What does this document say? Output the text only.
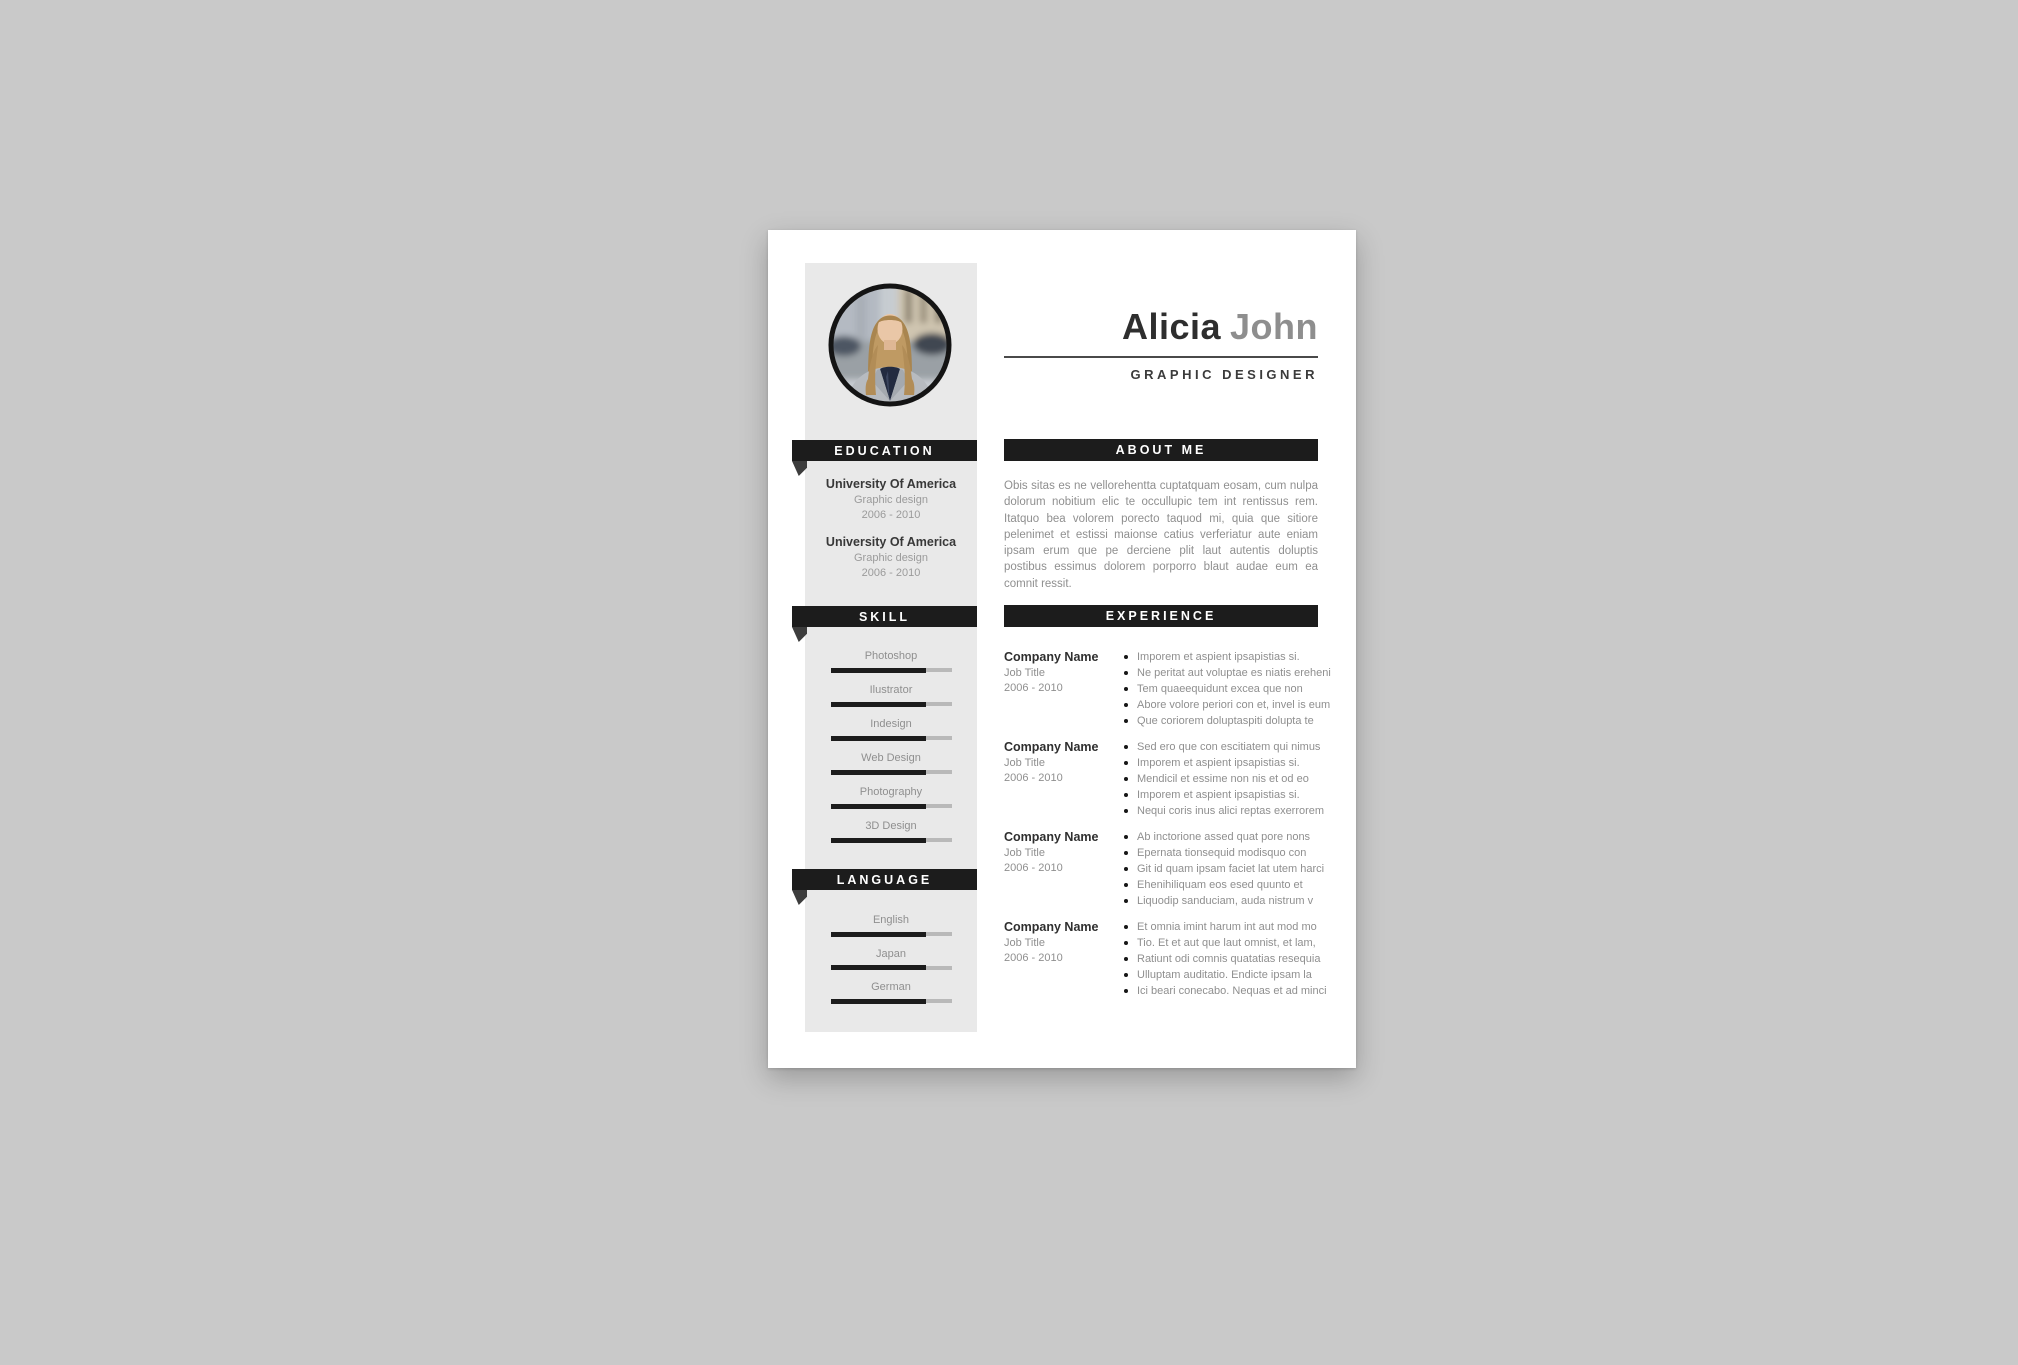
EDUCATION
University Of America
Graphic design
2006 - 2010
University Of America
Graphic design
2006 - 2010
SKILL
Photoshop
Ilustrator
Indesign
Web Design
Photography
3D Design
LANGUAGE
English
Japan
German
Alicia John
GRAPHIC DESIGNER
ABOUT ME

Obis sitas es ne vellorehentta cuptatquam eosam, cum nulpa dolorum nobitium elic te occullupic tem int rentissus rem. Itatquo bea volorem porecto taquod mi, quia que sitiore pelenimet et estissi maionse catius verferiatur aute eniam ipsam erum que pe derciene plit laut autentis doluptis postibus essimus dolorem porporro blaut audae eum ea comnit ressit.

EXPERIENCE
Company Name
Job Title
2006 - 2010
Imporem et aspient ipsapistias si.
Ne peritat aut voluptae es niatis ereheni
Tem quaeequidunt excea que non
Abore volore periori con et, invel is eum
Que coriorem doluptaspiti dolupta te
Company Name
Job Title
2006 - 2010
Sed ero que con escitiatem qui nimus
Imporem et aspient ipsapistias si.
Mendicil et essime non nis et od eo
Imporem et aspient ipsapistias si.
Nequi coris inus alici reptas exerrorem
Company Name
Job Title
2006 - 2010
Ab inctorione assed quat pore nons
Epernata tionsequid modisquo con
Git id quam ipsam faciet lat utem harci
Ehenihiliquam eos esed quunto et
Liquodip sanduciam, auda nistrum v
Company Name
Job Title
2006 - 2010
Et omnia imint harum int aut mod mo
Tio. Et et aut que laut omnist, et lam,
Ratiunt odi comnis quatatias resequia
Ulluptam auditatio. Endicte ipsam la
Ici beari conecabo. Nequas et ad minci
